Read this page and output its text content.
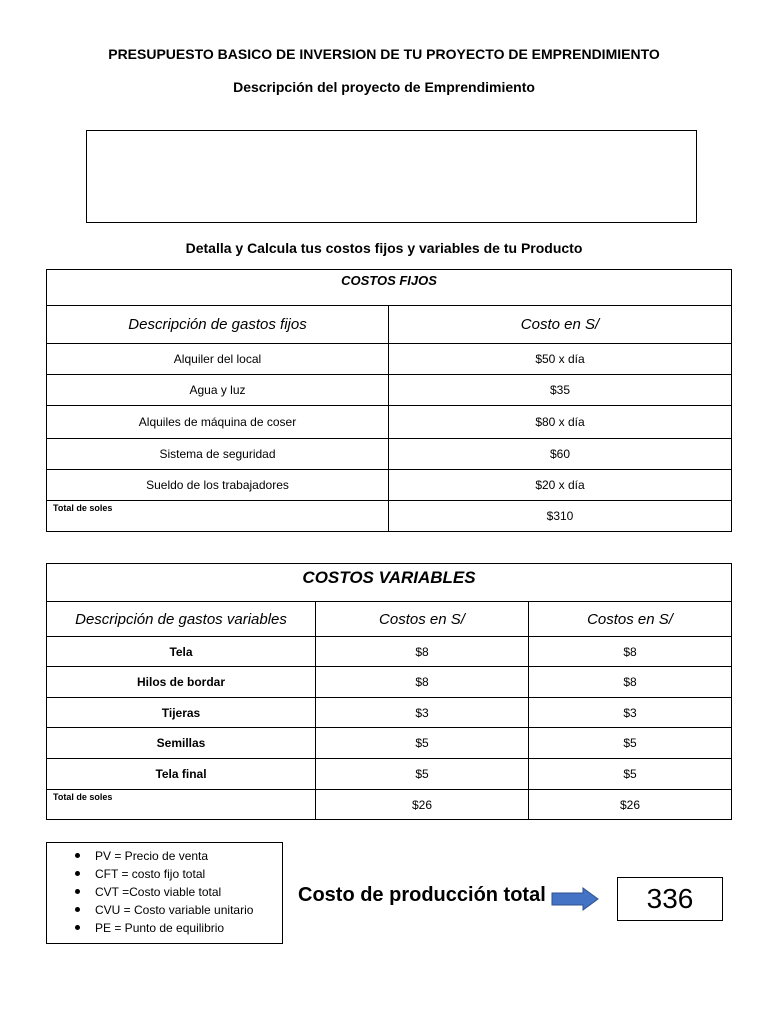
PRESUPUESTO BASICO DE INVERSION DE TU PROYECTO DE EMPRENDIMIENTO
Descripción del proyecto de Emprendimiento
Detalla y Calcula tus costos fijos y variables de tu Producto
COSTOS FIJOS	
Descripción de gastos fijos	Costo en S/
Alquiler del local	$50 x día
Agua y luz	$35
Alquiles de máquina de coser	$80 x día
Sistema de seguridad	$60
Sueldo de los trabajadores	$20 x día
Total de soles	$310
COSTOS VARIABLES		
Descripción de gastos variables	Costos en S/	Costos en S/
Tela	$8	$8
Hilos de bordar	$8	$8
Tijeras	$3	$3
Semillas	$5	$5
Tela final	$5	$5
Total de soles	$26	$26
PV = Precio de venta
CFT = costo fijo total
CVT =Costo viable total
CVU = Costo variable unitario
PE = Punto de equilibrio
Costo de producción total	336
